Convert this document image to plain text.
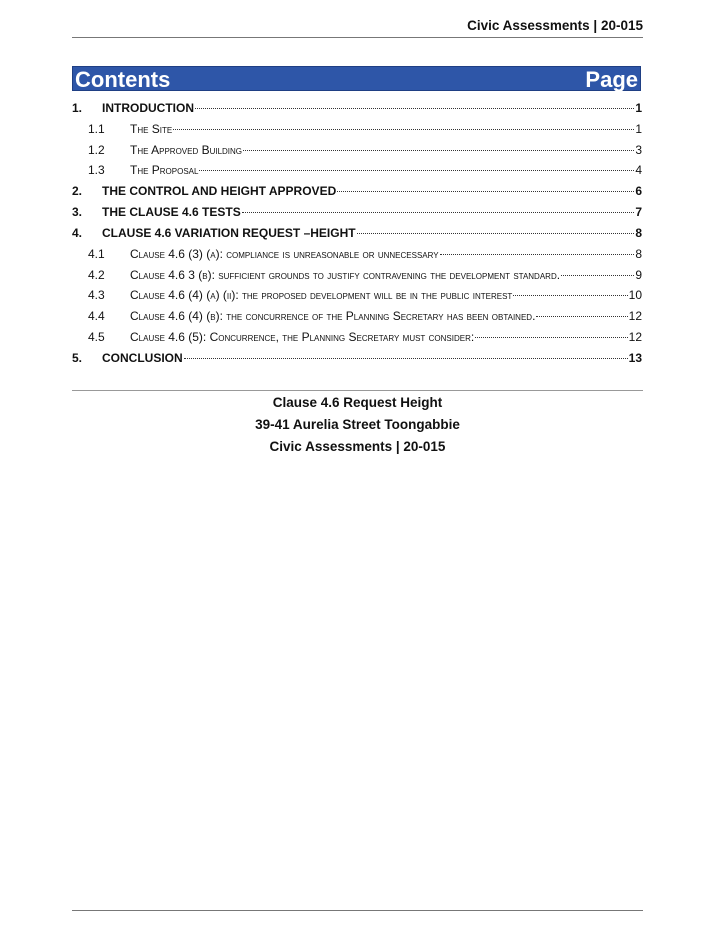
Civic Assessments | 20-015
Contents	Page
1.	INTRODUCTION	1
1.1	The Site	1
1.2	The Approved Building	3
1.3	The Proposal	4
2.	THE CONTROL AND HEIGHT APPROVED	6
3.	THE CLAUSE 4.6 TESTS	7
4.	CLAUSE 4.6 VARIATION REQUEST –HEIGHT	8
4.1	Clause 4.6 (3) (a): compliance is unreasonable or unnecessary	8
4.2	Clause 4.6 3 (b): sufficient grounds to justify contravening the development standard.	9
4.3	Clause 4.6 (4) (a) (ii): the proposed development will be in the public interest	10
4.4	Clause 4.6 (4) (b): the concurrence of the Planning Secretary has been obtained.	12
4.5	Clause 4.6 (5): Concurrence, the Planning Secretary must consider:	12
5.	CONCLUSION	13
Clause 4.6 Request Height
39-41 Aurelia Street Toongabbie
Civic Assessments | 20-015
